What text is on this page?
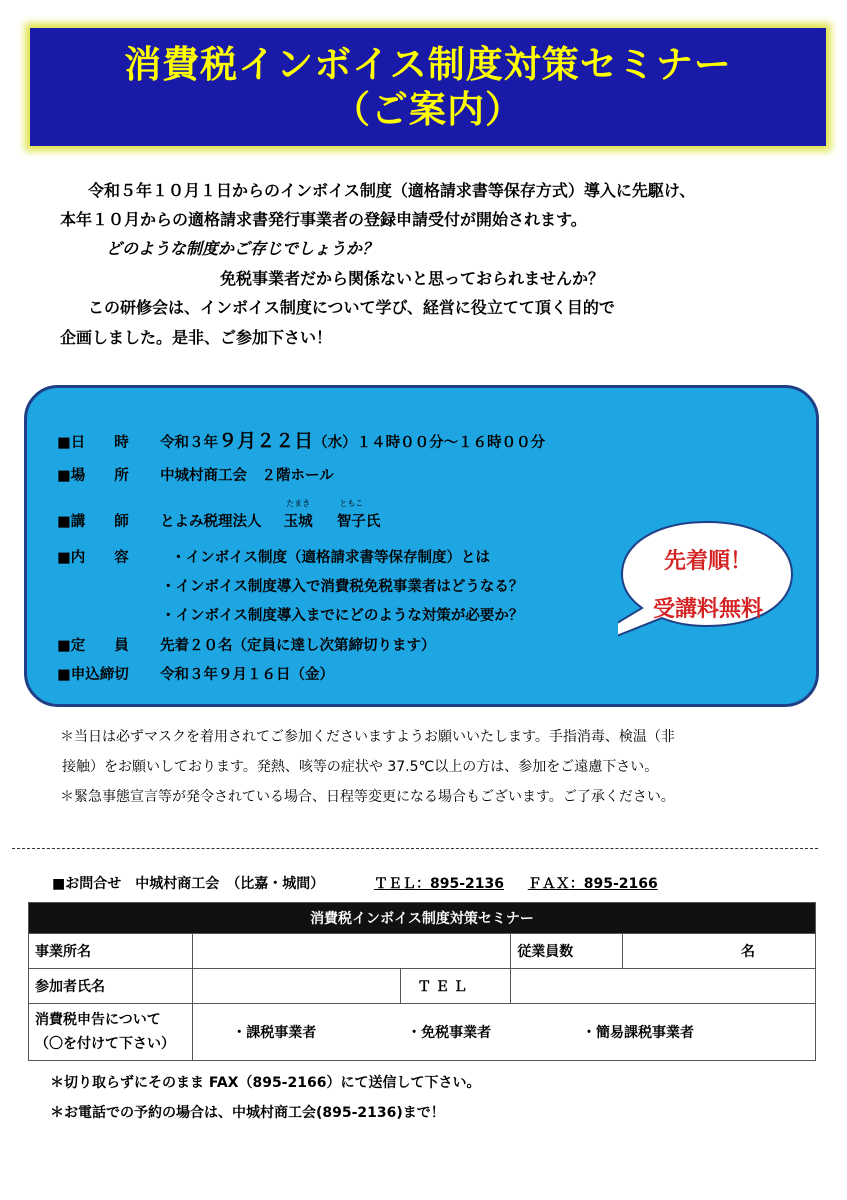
消費税インボイス制度対策セミナー
（ご案内）
令和５年１０月１日からのインボイス制度（適格請求書等保存方式）導入に先駆け、
本年１０月からの適格請求書発行事業者の登録申請受付が開始されます。
どのような制度かご存じでしょうか？
免税事業者だから関係ないと思っておられませんか？
この研修会は、インボイス制度について学び、経営に役立てて頂く目的で
企画しました。是非、ご参加下さい！
■日　　時 令和３年９月２２日（水）１４時００分～１６時００分
■場　　所 中城村商工会　２階ホール
■講　　師 とよみ税理法人
たまき
玉城
ともこ
智子氏
■内　　容	・インボイス制度（適格請求書等保存制度）とは
・インボイス制度導入で消費税免税事業者はどうなる？
・インボイス制度導入までにどのような対策が必要か？
■定　　員 先着２０名（定員に達し次第締切ります）
■申込締切 令和３年９月１６日（金）
先着順！
受講料無料
＊当日は必ずマスクを着用されてご参加くださいますようお願いいたします。手指消毒、検温（非
接触）をお願いしております。発熱、咳等の症状や 37.5℃以上の方は、参加をご遠慮下さい。
＊緊急事態宣言等が発令されている場合、日程等変更になる場合もございます。ご了承ください。
■お問合せ　中城村商工会　（比嘉・城間）	ＴＥＬ：895-2136 ＦＡＸ：895-2166
消費税インボイス制度対策セミナー				
事業所名			従業員数	名
参加者氏名		ＴＥＬ		

消費税申告について
（〇を付けて下さい）	・課税事業者 ・免税事業者 ・簡易課税事業者			
＊切り取らずにそのまま FAX（895-2166）にて送信して下さい。
＊お電話での予約の場合は、中城村商工会(895-2136)まで！
